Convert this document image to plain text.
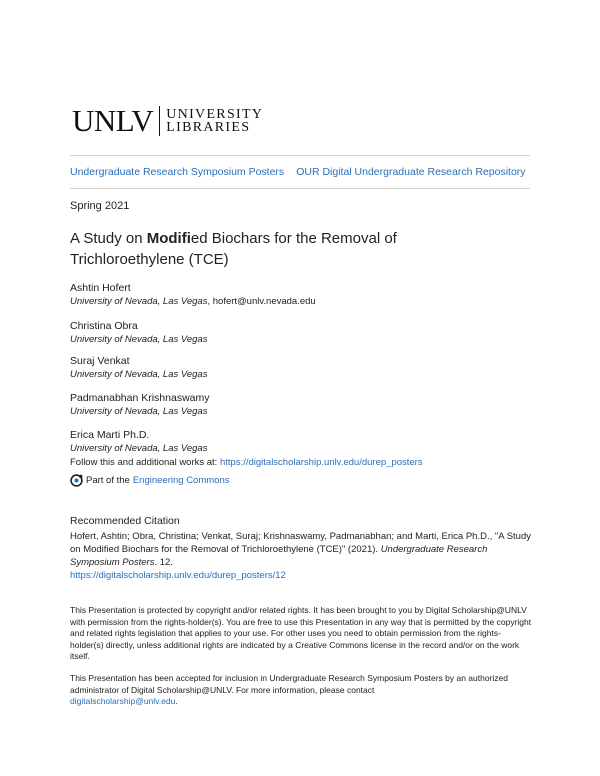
UNLV UNIVERSITY
LIBRARIES
Undergraduate Research Symposium Posters OUR Digital Undergraduate Research Repository
Spring 2021
A Study on Modified Biochars for the Removal of Trichloroethylene (TCE)
Ashtin Hofert
University of Nevada, Las Vegas, hofert@unlv.nevada.edu
Christina Obra
University of Nevada, Las Vegas
Suraj Venkat
University of Nevada, Las Vegas
Padmanabhan Krishnaswamy
University of Nevada, Las Vegas
Erica Marti Ph.D.
University of Nevada, Las Vegas
Follow this and additional works at: https://digitalscholarship.unlv.edu/durep_posters
Part of the Engineering Commons
Recommended Citation
Hofert, Ashtin; Obra, Christina; Venkat, Suraj; Krishnaswamy, Padmanabhan; and Marti, Erica Ph.D., "A Study on Modified Biochars for the Removal of Trichloroethylene (TCE)" (2021). Undergraduate Research Symposium Posters. 12.
https://digitalscholarship.unlv.edu/durep_posters/12
This Presentation is protected by copyright and/or related rights. It has been brought to you by Digital Scholarship@UNLV with permission from the rights-holder(s). You are free to use this Presentation in any way that is permitted by the copyright and related rights legislation that applies to your use. For other uses you need to obtain permission from the rights-holder(s) directly, unless additional rights are indicated by a Creative Commons license in the record and/or on the work itself.
This Presentation has been accepted for inclusion in Undergraduate Research Symposium Posters by an authorized administrator of Digital Scholarship@UNLV. For more information, please contact
digitalscholarship@unlv.edu.
